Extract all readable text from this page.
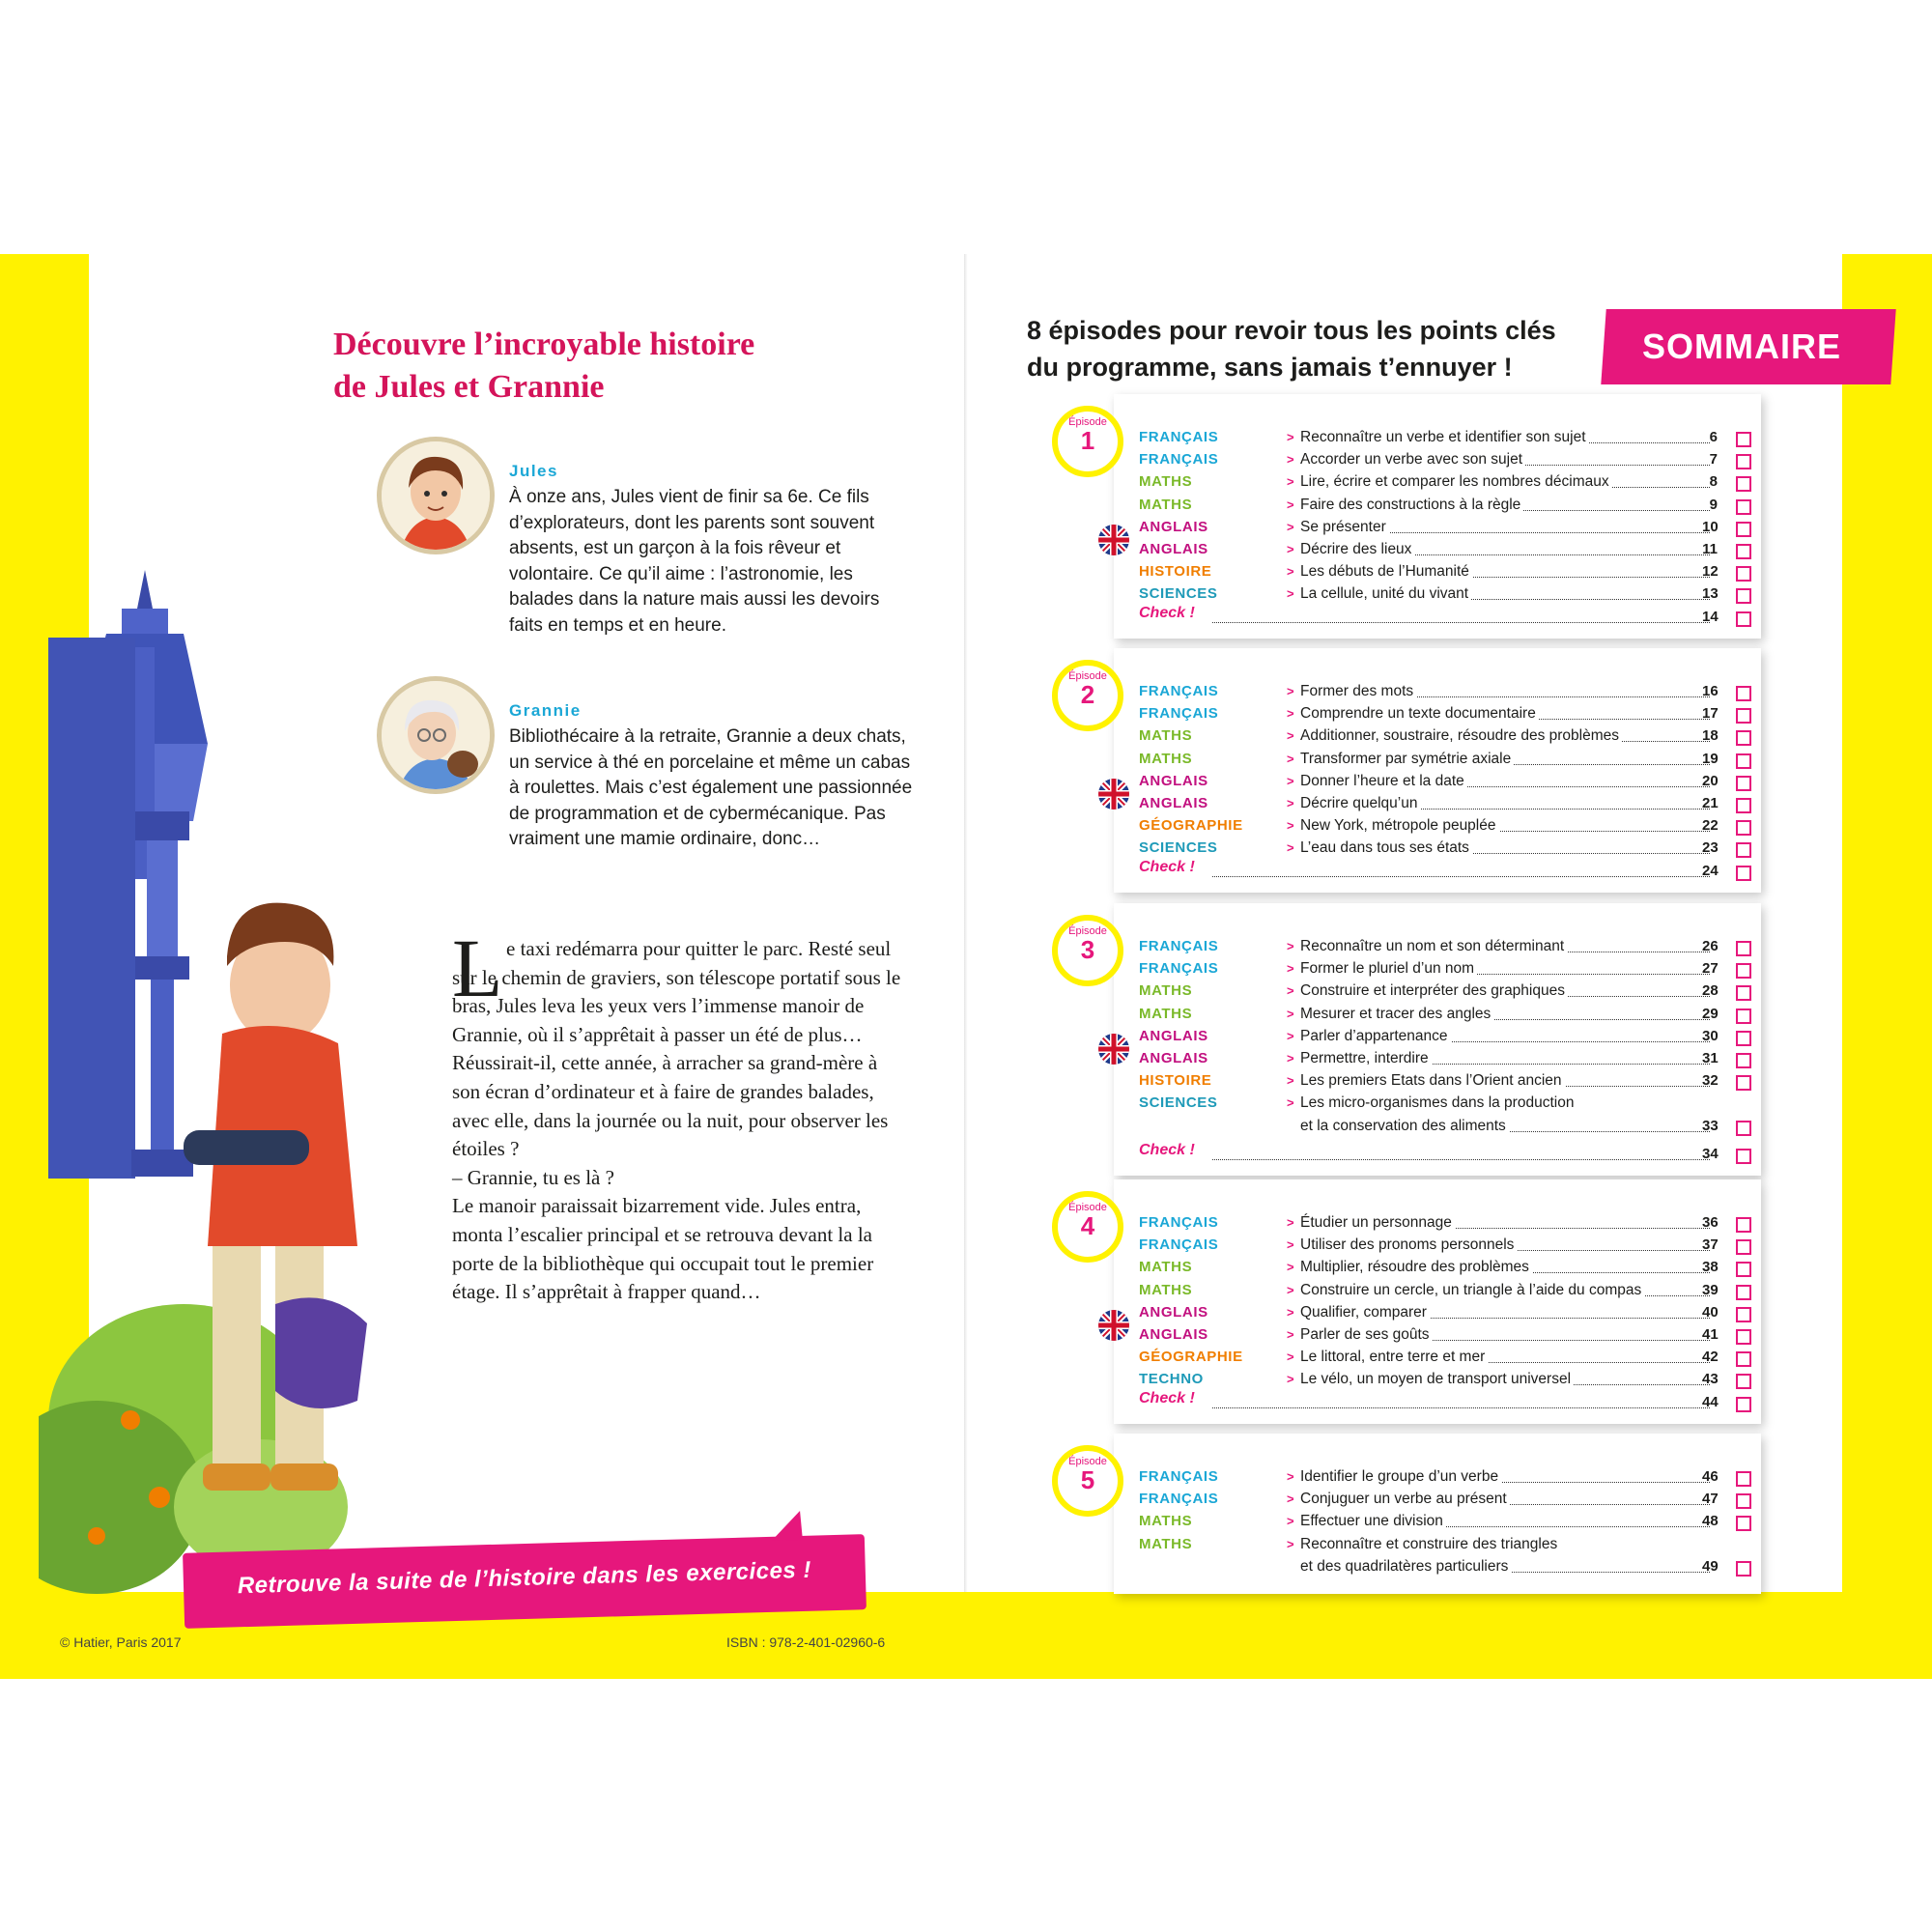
Découvre l’incroyable histoire
de Jules et Grannie
Jules

À onze ans, Jules vient de finir sa 6e. Ce fils d’explorateurs, dont les parents sont souvent absents, est un garçon à la fois rêveur et volontaire. Ce qu’il aime : l’astronomie, les balades dans la nature mais aussi les devoirs faits en temps et en heure.

Grannie

Bibliothécaire à la retraite, Grannie a deux chats, un service à thé en porcelaine et même un cabas à roulettes. Mais c’est également une passionnée de programmation et de cybermécanique. Pas vraiment une mamie ordinaire, donc…

L e taxi redémarra pour quitter le parc. Resté seul sur le chemin de graviers, son télescope portatif sous le bras, Jules leva les yeux vers l’immense manoir de Grannie, où il s’apprêtait à passer un été de plus… Réussirait-il, cette année, à arracher sa grand-mère à son écran d’ordinateur et à faire de grandes balades, avec elle, dans la journée ou la nuit, pour observer les étoiles ?
– Grannie, tu es là ?
Le manoir paraissait bizarrement vide. Jules entra, monta l’escalier principal et se retrouva devant la la porte de la bibliothèque qui occupait tout le premier étage. Il s’apprêtait à frapper quand…

Retrouve la suite de l’histoire dans les exercices !
© Hatier, Paris 2017	ISBN : 978-2-401-02960-6

8 épisodes pour revoir tous les points clés
du programme, sans jamais t’ennuyer !

SOMMAIRE
Épisode
1	FRANÇAIS	> Reconnaître un verbe et identifier son sujet	6
FRANÇAIS	> Accorder un verbe avec son sujet	7
MATHS	> Lire, écrire et comparer les nombres décimaux	8
MATHS	> Faire des constructions à la règle	9
ANGLAIS	> Se présenter	10
ANGLAIS	> Décrire des lieux	11
HISTOIRE	> Les débuts de l’Humanité	12
SCIENCES	> La cellule, unité du vivant	13
Check !	14
Épisode
2	FRANÇAIS	> Former des mots	16
FRANÇAIS	> Comprendre un texte documentaire	17
MATHS	> Additionner, soustraire, résoudre des problèmes	18
MATHS	> Transformer par symétrie axiale	19
ANGLAIS	> Donner l’heure et la date	20
ANGLAIS	> Décrire quelqu’un	21
GÉOGRAPHIE	> New York, métropole peuplée	22
SCIENCES	> L’eau dans tous ses états	23
Check !	24
Épisode
3	FRANÇAIS	> Reconnaître un nom et son déterminant	26
FRANÇAIS	> Former le pluriel d’un nom	27
MATHS	> Construire et interpréter des graphiques	28
MATHS	> Mesurer et tracer des angles	29
ANGLAIS	> Parler d’appartenance	30
ANGLAIS	> Permettre, interdire	31
HISTOIRE	> Les premiers Etats dans l’Orient ancien	32
SCIENCES	> Les micro-organismes dans la production
et la conservation des aliments	33
Check !	34
Épisode
4	FRANÇAIS	> Étudier un personnage	36
FRANÇAIS	> Utiliser des pronoms personnels	37
MATHS	> Multiplier, résoudre des problèmes	38
MATHS	> Construire un cercle, un triangle à l’aide du compas	39
ANGLAIS	> Qualifier, comparer	40
ANGLAIS	> Parler de ses goûts	41
GÉOGRAPHIE	> Le littoral, entre terre et mer	42
TECHNO	> Le vélo, un moyen de transport universel	43
Check !	44
Épisode
5	FRANÇAIS	> Identifier le groupe d’un verbe	46
FRANÇAIS	> Conjuguer un verbe au présent	47
MATHS	> Effectuer une division	48
MATHS	> Reconnaître et construire des triangles
et des quadrilatères particuliers	49
